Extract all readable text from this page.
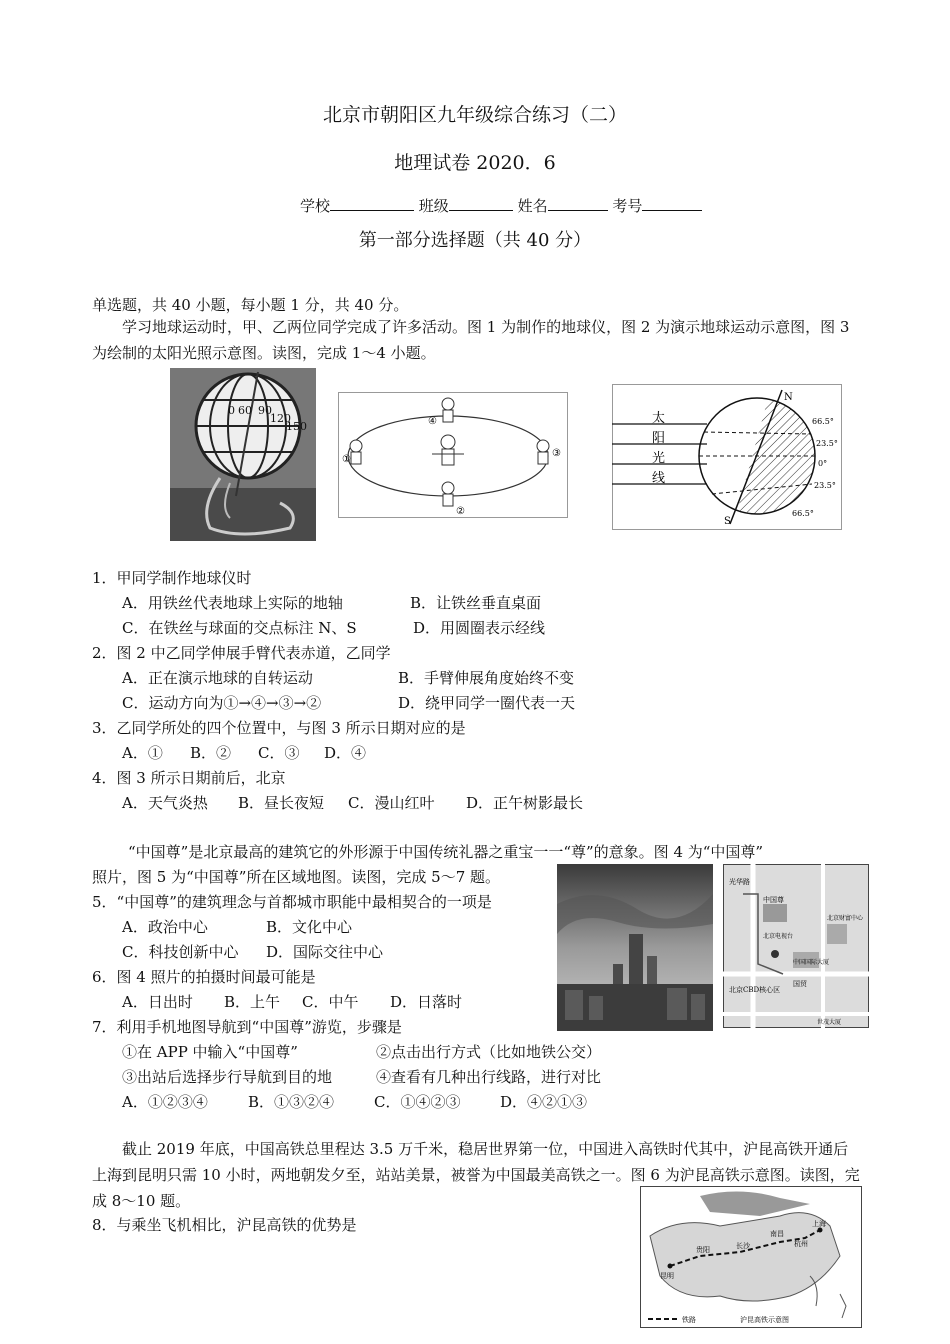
北京市朝阳区九年级综合练习（二）
地理试卷 2020．6
学校	班级	姓名	考号
第一部分选择题（共 40 分）
单选题，共 40 小题，每小题 1 分，共 40 分。
学习地球运动时，甲、乙两位同学完成了许多活动。图 1 为制作的地球仪，图 2 为演示地球运动示意图，图 3 为绘制的太阳光照示意图。读图，完成 1～4 小题。
0 60 90
120
150
①
②
③
④	太
阳
光
线
N
S
66.5°
23.5°
0°
23.5°
66.5°
1．甲同学制作地球仪时
A．用铁丝代表地球上实际的地轴	B．让铁丝垂直桌面
C．在铁丝与球面的交点标注 N、S	D．用圆圈表示经线
2．图 2 中乙同学伸展手臂代表赤道，乙同学
A．正在演示地球的自转运动	B．手臂伸展角度始终不变
C．运动方向为①→④→③→②	D．绕甲同学一圈代表一天
3．乙同学所处的四个位置中，与图 3 所示日期对应的是
A．① B．② C．③ D．④
4．图 3 所示日期前后，北京
A．天气炎热 B．昼长夜短 C．漫山红叶 D．正午树影最长
“中国尊”是北京最高的建筑它的外形源于中国传统礼器之重宝一一“尊”的意象。图 4 为“中国尊”
照片，图 5 为“中国尊”所在区域地图。读图，完成 5～7 题。
中国尊
北京CBD核心区
国贸
中国国际大厦
世茂大厦
北京财富中心
光华路
北京电视台
5．“中国尊”的建筑理念与首都城市职能中最相契合的一项是
A．政治中心	B．文化中心
C．科技创新中心 D．国际交往中心
6．图 4 照片的拍摄时间最可能是
A．日出时 B．上午 C．中午 D．日落时
7．利用手机地图导航到“中国尊”游览，步骤是
①在 APP 中输入“中国尊”	②点击出行方式（比如地铁公交）
③出站后选择步行导航到目的地	④查看有几种出行线路，进行对比
A．①②③④	B．①③②④	C．①④②③	D．④②①③
截止 2019 年底，中国高铁总里程达 3.5 万千米，稳居世界第一位，中国进入高铁时代其中，沪昆高铁开通后上海到昆明只需 10 小时，两地朝发夕至，站站美景，被誉为中国最美高铁之一。图 6 为沪昆高铁示意图。读图，完成 8～10 题。
8．与乘坐飞机相比，沪昆高铁的优势是	上海
杭州
南昌
长沙
贵阳
昆明
铁路	沪昆高铁示意图
